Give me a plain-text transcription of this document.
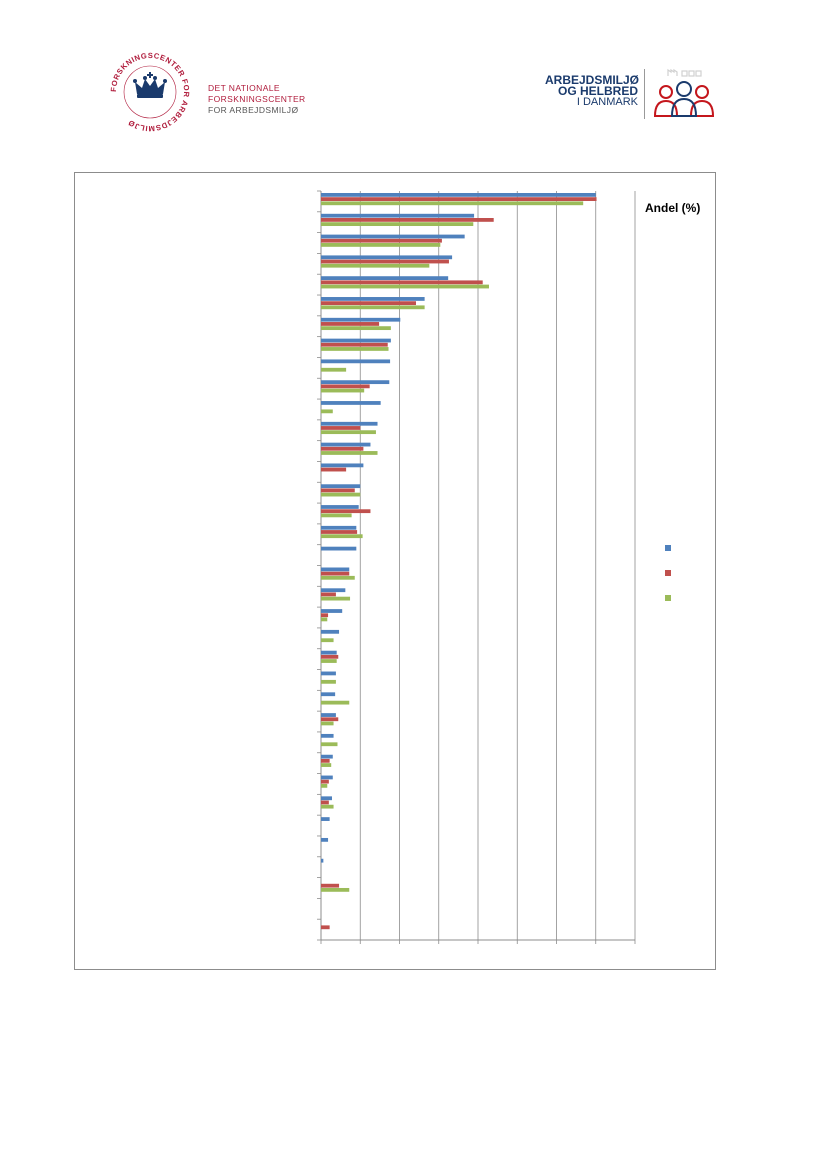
FORSKNINGSCENTER FOR ARBEJDSMILJØ
DET NATIONALE FORSKNINGSCENTER
FOR ARBEJDSMILJØ
ARBEJDSMILJØ
OG HELBRED
I DANMARK
Andel (%)
